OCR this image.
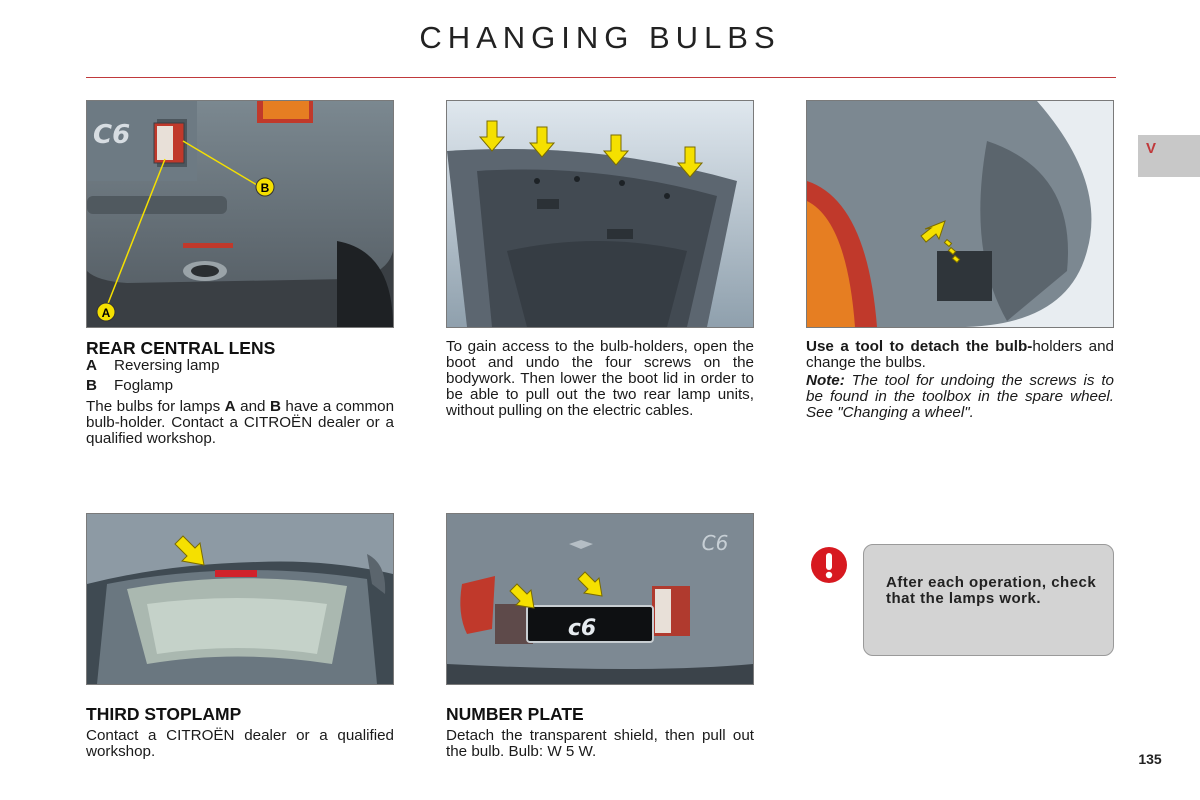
CHANGING BULBS
V
C6
B
A
C6
c6
REAR CENTRAL LENS
A Reversing lamp
B Foglamp

The bulbs for lamps A and B have a common bulb-holder. Contact a CITROËN dealer or a qualified workshop.

To gain access to the bulb-holders, open the boot and undo the four screws on the bodywork. Then lower the boot lid in order to be able to pull out the two rear lamp units, without pulling on the electric cables.

Use a tool to detach the bulb-holders and change the bulbs.

Note: The tool for undoing the screws is to be found in the toolbox in the spare wheel. See "Changing a wheel".

THIRD STOPLAMP

Contact a CITROËN dealer or a qualified workshop.

NUMBER PLATE

Detach the transparent shield, then pull out the bulb. Bulb: W 5 W.

After each operation, check that the lamps work.
135
